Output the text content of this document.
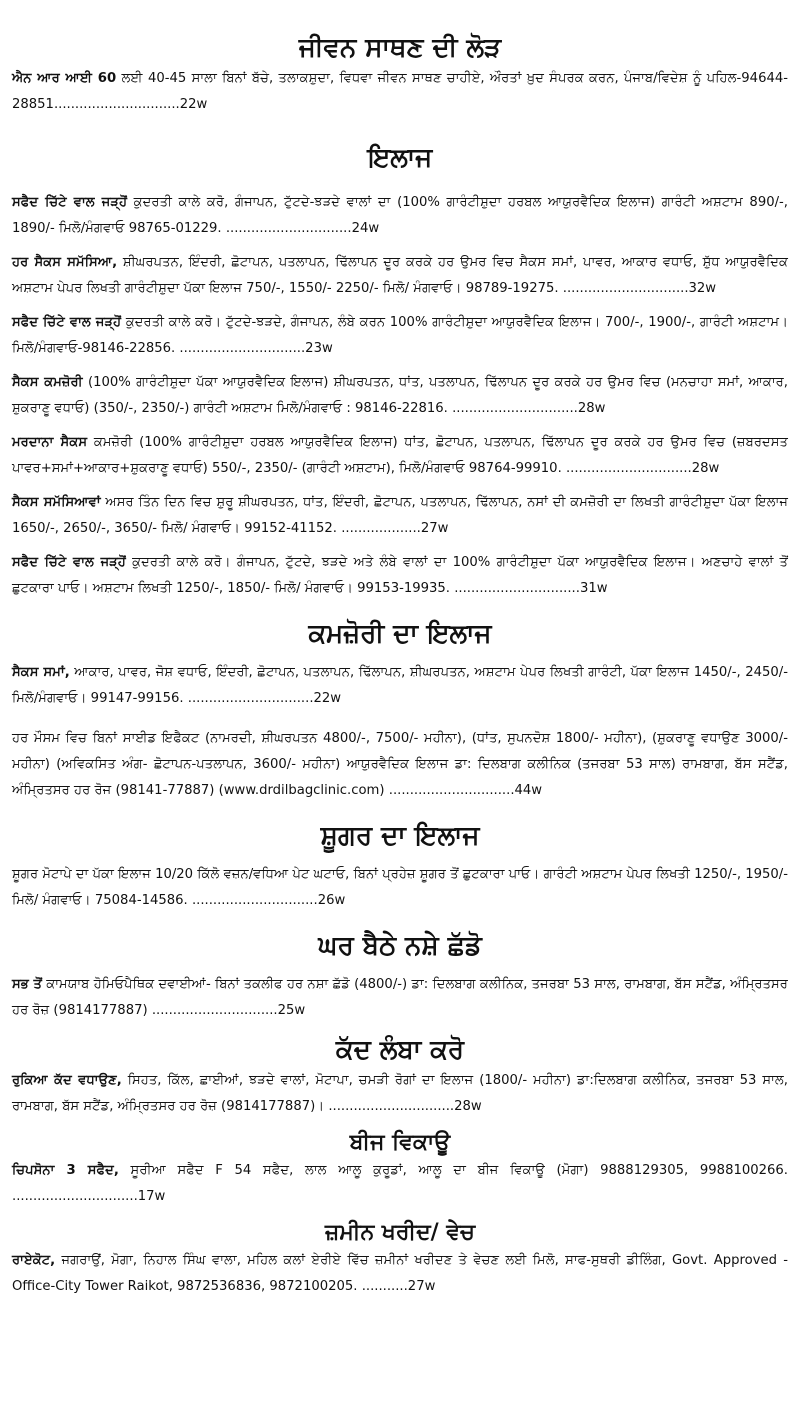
ਜੀਵਨ ਸਾਥਣ ਦੀ ਲੋੜ
ਐਨ ਆਰ ਆਈ 60 ਲਈ 40-45 ਸਾਲਾ ਬਿਨਾਂ ਬੱਚੇ, ਤਲਾਕਸ਼ੁਦਾ, ਵਿਧਵਾ ਜੀਵਨ ਸਾਥਣ ਚਾਹੀਏ, ਔਰਤਾਂ ਖ਼ੁਦ ਸੰਪਰਕ ਕਰਨ, ਪੰਜਾਬ/ਵਿਦੇਸ਼ ਨੂੰ ਪਹਿਲ-94644-28851..............................22w
ਇਲਾਜ
ਸਫੈਦ ਚਿੱਟੇ ਵਾਲ ਜੜ੍ਹੋਂ ਕੁਦਰਤੀ ਕਾਲੇ ਕਰੋ, ਗੰਜਾਪਨ, ਟੁੱਟਦੇ-ਝੜਦੇ ਵਾਲਾਂ ਦਾ (100% ਗਾਰੰਟੀਸ਼ੁਦਾ ਹਰਬਲ ਆਯੁਰਵੈਦਿਕ ਇਲਾਜ) ਗਾਰੰਟੀ ਅਸ਼ਟਾਮ 890/-, 1890/- ਮਿਲੋ/ਮੰਗਵਾਓ 98765-01229. ..............................24w
ਹਰ ਸੈਕਸ ਸਮੱਸਿਆ, ਸ਼ੀਘਰਪਤਨ, ਇੰਦਰੀ, ਛੋਟਾਪਨ, ਪਤਲਾਪਨ, ਢਿੱਲਾਪਨ ਦੂਰ ਕਰਕੇ ਹਰ ਉਮਰ ਵਿਚ ਸੈਕਸ ਸਮਾਂ, ਪਾਵਰ, ਆਕਾਰ ਵਧਾਓ, ਸ਼ੁੱਧ ਆਯੁਰਵੈਦਿਕ ਅਸ਼ਟਾਮ ਪੇਪਰ ਲਿਖਤੀ ਗਾਰੰਟੀਸ਼ੁਦਾ ਪੱਕਾ ਇਲਾਜ 750/-, 1550/- 2250/- ਮਿਲੋ/ ਮੰਗਵਾਓ। 98789-19275. ..............................32w
ਸਫੈਦ ਚਿੱਟੇ ਵਾਲ ਜੜ੍ਹੋਂ ਕੁਦਰਤੀ ਕਾਲੇ ਕਰੋ। ਟੁੱਟਦੇ-ਝੜਦੇ, ਗੰਜਾਪਨ, ਲੰਬੇ ਕਰਨ 100% ਗਾਰੰਟੀਸ਼ੁਦਾ ਆਯੁਰਵੈਦਿਕ ਇਲਾਜ। 700/-, 1900/-, ਗਾਰੰਟੀ ਅਸ਼ਟਾਮ। ਮਿਲੋ/ਮੰਗਵਾਓ-98146-22856. ..............................23w
ਸੈਕਸ ਕਮਜ਼ੋਰੀ (100% ਗਾਰੰਟੀਸ਼ੁਦਾ ਪੱਕਾ ਆਯੁਰਵੈਦਿਕ ਇਲਾਜ) ਸ਼ੀਘਰਪਤਨ, ਧਾਂਤ, ਪਤਲਾਪਨ, ਢਿੱਲਾਪਨ ਦੂਰ ਕਰਕੇ ਹਰ ਉਮਰ ਵਿਚ (ਮਨਚਾਹਾ ਸਮਾਂ, ਆਕਾਰ, ਸ਼ੁਕਰਾਣੂ ਵਧਾਓ) (350/-, 2350/-) ਗਾਰੰਟੀ ਅਸ਼ਟਾਮ ਮਿਲੋ/ਮੰਗਵਾਓ : 98146-22816. ..............................28w
ਮਰਦਾਨਾ ਸੈਕਸ ਕਮਜ਼ੋਰੀ (100% ਗਾਰੰਟੀਸ਼ੁਦਾ ਹਰਬਲ ਆਯੁਰਵੈਦਿਕ ਇਲਾਜ) ਧਾਂਤ, ਛੋਟਾਪਨ, ਪਤਲਾਪਨ, ਢਿੱਲਾਪਨ ਦੂਰ ਕਰਕੇ ਹਰ ਉਮਰ ਵਿਚ (ਜ਼ਬਰਦਸਤ ਪਾਵਰ+ਸਮਾਂ+ਆਕਾਰ+ਸ਼ੁਕਰਾਣੂ ਵਧਾਓ) 550/-, 2350/- (ਗਾਰੰਟੀ ਅਸ਼ਟਾਮ), ਮਿਲੋ/ਮੰਗਵਾਓ 98764-99910. ..............................28w
ਸੈਕਸ ਸਮੱਸਿਆਵਾਂ ਅਸਰ ਤਿੰਨ ਦਿਨ ਵਿਚ ਸ਼ੁਰੂ ਸ਼ੀਘਰਪਤਨ, ਧਾਂਤ, ਇੰਦਰੀ, ਛੋਟਾਪਨ, ਪਤਲਾਪਨ, ਢਿੱਲਾਪਨ, ਨਸਾਂ ਦੀ ਕਮਜ਼ੋਰੀ ਦਾ ਲਿਖਤੀ ਗਾਰੰਟੀਸ਼ੁਦਾ ਪੱਕਾ ਇਲਾਜ 1650/-, 2650/-, 3650/- ਮਿਲੋ/ ਮੰਗਵਾਓ। 99152-41152. ...................27w
ਸਫੈਦ ਚਿੱਟੇ ਵਾਲ ਜੜ੍ਹੋਂ ਕੁਦਰਤੀ ਕਾਲੇ ਕਰੋ। ਗੰਜਾਪਨ, ਟੁੱਟਦੇ, ਝੜਦੇ ਅਤੇ ਲੰਬੇ ਵਾਲਾਂ ਦਾ 100% ਗਾਰੰਟੀਸ਼ੁਦਾ ਪੱਕਾ ਆਯੁਰਵੈਦਿਕ ਇਲਾਜ। ਅਣਚਾਹੇ ਵਾਲਾਂ ਤੋਂ ਛੁਟਕਾਰਾ ਪਾਓ। ਅਸ਼ਟਾਮ ਲਿਖਤੀ 1250/-, 1850/- ਮਿਲੋ/ ਮੰਗਵਾਓ। 99153-19935. ..............................31w
ਕਮਜ਼ੋਰੀ ਦਾ ਇਲਾਜ
ਸੈਕਸ ਸਮਾਂ, ਆਕਾਰ, ਪਾਵਰ, ਜੋਸ਼ ਵਧਾਓ, ਇੰਦਰੀ, ਛੋਟਾਪਨ, ਪਤਲਾਪਨ, ਢਿੱਲਾਪਨ, ਸ਼ੀਘਰਪਤਨ, ਅਸ਼ਟਾਮ ਪੇਪਰ ਲਿਖਤੀ ਗਾਰੰਟੀ, ਪੱਕਾ ਇਲਾਜ 1450/-, 2450/- ਮਿਲੋ/ਮੰਗਵਾਓ। 99147-99156. ..............................22w
ਹਰ ਮੌਸਮ ਵਿਚ ਬਿਨਾਂ ਸਾਈਡ ਇਫੈਕਟ (ਨਾਮਰਦੀ, ਸ਼ੀਘਰਪਤਨ 4800/-, 7500/- ਮਹੀਨਾ), (ਧਾਂਤ, ਸੁਪਨਦੋਸ਼ 1800/- ਮਹੀਨਾ), (ਸ਼ੁਕਰਾਣੂ ਵਧਾਉਣ 3000/- ਮਹੀਨਾ) (ਅਵਿਕਸਿਤ ਅੰਗ- ਛੋਟਾਪਨ-ਪਤਲਾਪਨ, 3600/- ਮਹੀਨਾ) ਆਯੁਰਵੈਦਿਕ ਇਲਾਜ ਡਾ: ਦਿਲਬਾਗ ਕਲੀਨਿਕ (ਤਜਰਬਾ 53 ਸਾਲ) ਰਾਮਬਾਗ, ਬੱਸ ਸਟੈਂਡ, ਅੰਮ੍ਰਿਤਸਰ ਹਰ ਰੋਜ (98141-77887) (www.drdilbagclinic.com) ..............................44w
ਸ਼ੂਗਰ ਦਾ ਇਲਾਜ
ਸ਼ੂਗਰ ਮੋਟਾਪੇ ਦਾ ਪੱਕਾ ਇਲਾਜ 10/20 ਕਿੱਲੋ ਵਜ਼ਨ/ਵਧਿਆ ਪੇਟ ਘਟਾਓ, ਬਿਨਾਂ ਪ੍ਰਹੇਜ਼ ਸ਼ੂਗਰ ਤੋਂ ਛੁਟਕਾਰਾ ਪਾਓ। ਗਾਰੰਟੀ ਅਸ਼ਟਾਮ ਪੇਪਰ ਲਿਖਤੀ 1250/-, 1950/- ਮਿਲੋ/ ਮੰਗਵਾਓ। 75084-14586. ..............................26w
ਘਰ ਬੈਠੇ ਨਸ਼ੇ ਛੱਡੋ
ਸਭ ਤੋਂ ਕਾਮਯਾਬ ਹੋਮਿਓਪੈਥਿਕ ਦਵਾਈਆਂ- ਬਿਨਾਂ ਤਕਲੀਫ ਹਰ ਨਸ਼ਾ ਛੱਡੋ (4800/-) ਡਾ: ਦਿਲਬਾਗ ਕਲੀਨਿਕ, ਤਜਰਬਾ 53 ਸਾਲ, ਰਾਮਬਾਗ, ਬੱਸ ਸਟੈਂਡ, ਅੰਮ੍ਰਿਤਸਰ ਹਰ ਰੋਜ਼ (9814177887) ..............................25w
ਕੱਦ ਲੰਬਾ ਕਰੋ
ਰੁਕਿਆ ਕੱਦ ਵਧਾਉਣ, ਸਿਹਤ, ਕਿੱਲ, ਛਾਈਆਂ, ਝੜਦੇ ਵਾਲਾਂ, ਮੋਟਾਪਾ, ਚਮੜੀ ਰੋਗਾਂ ਦਾ ਇਲਾਜ (1800/- ਮਹੀਨਾ) ਡਾ:ਦਿਲਬਾਗ ਕਲੀਨਿਕ, ਤਜਰਬਾ 53 ਸਾਲ, ਰਾਮਬਾਗ, ਬੱਸ ਸਟੈਂਡ, ਅੰਮ੍ਰਿਤਸਰ ਹਰ ਰੋਜ਼ (9814177887)। ..............................28w
ਬੀਜ ਵਿਕਾਊ
ਚਿਪਸੋਨਾ 3 ਸਫੈਦ, ਸੂਰੀਆ ਸਫੈਦ F 54 ਸਫੈਦ, ਲਾਲ ਆਲੂ ਕੁਰੂਡਾਂ, ਆਲੂ ਦਾ ਬੀਜ ਵਿਕਾਊ (ਮੋਗਾ) 9888129305, 9988100266. ..............................17w
ਜ਼ਮੀਨ ਖਰੀਦ/ ਵੇਚ
ਰਾਏਕੋਟ, ਜਗਰਾਉਂ, ਮੋਗਾ, ਨਿਹਾਲ ਸਿੰਘ ਵਾਲਾ, ਮਹਿਲ ਕਲਾਂ ਏਰੀਏ ਵਿੱਚ ਜ਼ਮੀਨਾਂ ਖਰੀਦਣ ਤੇ ਵੇਚਣ ਲਈ ਮਿਲੋ, ਸਾਫ-ਸੁਥਰੀ ਡੀਲਿੰਗ, Govt. Approved - Office-City Tower Raikot, 9872536836, 9872100205. ...........27w
